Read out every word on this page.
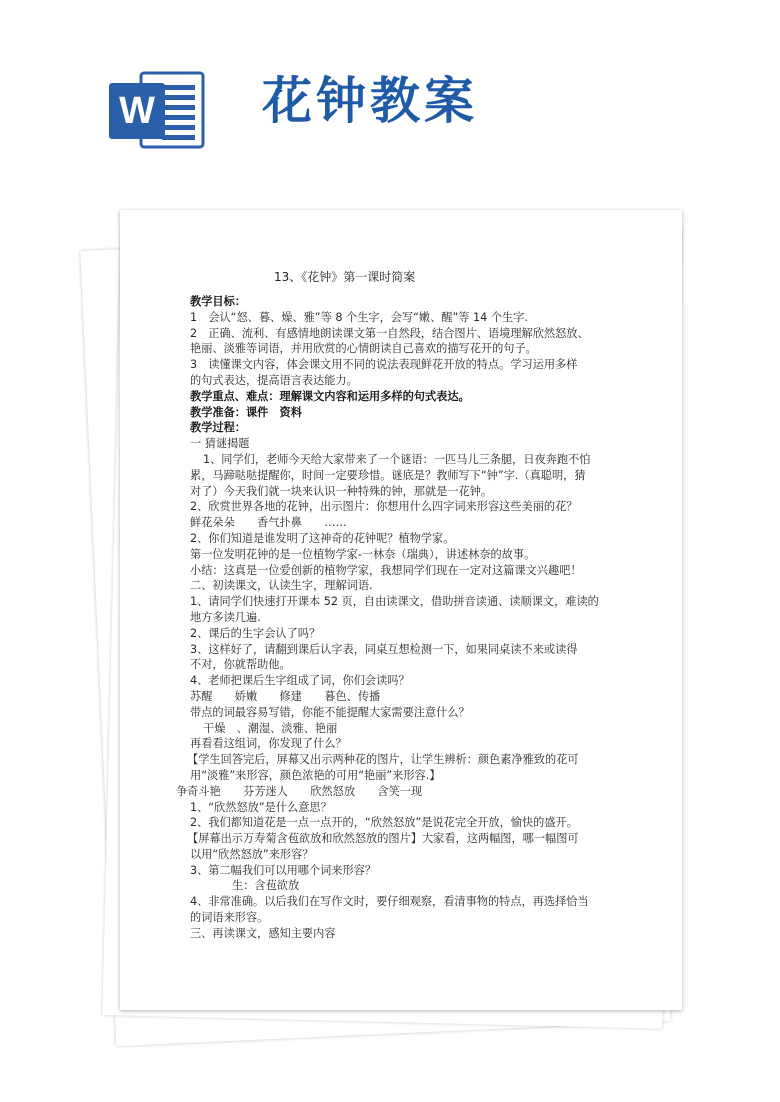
W 花钟教案
13、《花钟》第一课时简案
教学目标：
1　会认“怒、暮、燥、雅”等 8 个生字，会写“嫩、醒”等 14 个生字.
2　正确、流利、有感情地朗读课文第一自然段，结合图片、语境理解欣然怒放、
艳丽、淡雅等词语，并用欣赏的心情朗读自己喜欢的描写花开的句子。
3　读懂课文内容，体会课文用不同的说法表现鲜花开放的特点。学习运用多样
的句式表达，提高语言表达能力。
教学重点、难点：理解课文内容和运用多样的句式表达。
教学准备：课件　资料
教学过程：
一 猜谜揭题
1、同学们，老师今天给大家带来了一个谜语：一匹马儿三条腿，日夜奔跑不怕
累，马蹄哒哒提醒你，时间一定要珍惜。谜底是？教师写下“钟”字.（真聪明，猜
对了）今天我们就一块来认识一种特殊的钟，那就是一花钟。
2、欣赏世界各地的花钟，出示图片：你想用什么四字词来形容这些美丽的花？
鲜花朵朵　　香气扑鼻　　……
2、你们知道是谁发明了这神奇的花钟呢？植物学家。
第一位发明花钟的是一位植物学家-一林奈（瑞典），讲述林奈的故事。
小结：这真是一位爱创新的植物学家，我想同学们现在一定对这篇课文兴趣吧！
二、初读课文，认读生字，理解词语.
1、请同学们快速打开课本 52 页，自由读课文，借助拼音读通、读顺课文，难读的
地方多读几遍.
2、课后的生字会认了吗？
3、这样好了，请翻到课后认字表，同桌互想检测一下，如果同桌读不来或读得
不对，你就帮助他。
4、老师把课后生字组成了词，你们会读吗？
苏醒　　娇嫩　　修建　　暮色、传播
带点的词最容易写错，你能不能提醒大家需要注意什么？
干燥　、潮湿、淡雅、艳丽
再看看这组词，你发现了什么？
【学生回答完后，屏幕又出示两种花的图片，让学生辨析：颜色素净雅致的花可
用“淡雅”来形容，颜色浓艳的可用“艳丽”来形容.】
争奇斗艳　　芬芳迷人　　欣然怒放　　含笑一现
1、“欣然怒放”是什么意思？
2、我们都知道花是一点一点开的，“欣然怒放”是说花完全开放，愉快的盛开。
【屏幕出示万寿菊含苞欲放和欣然怒放的图片】大家看，这两幅图，哪一幅图可
以用“欣然怒放”来形容？
3、第二幅我们可以用哪个词来形容？
生：含苞欲放
4、非常准确。以后我们在写作文时，要仔细观察，看清事物的特点，再选择恰当
的词语来形容。
三、再读课文，感知主要内容
